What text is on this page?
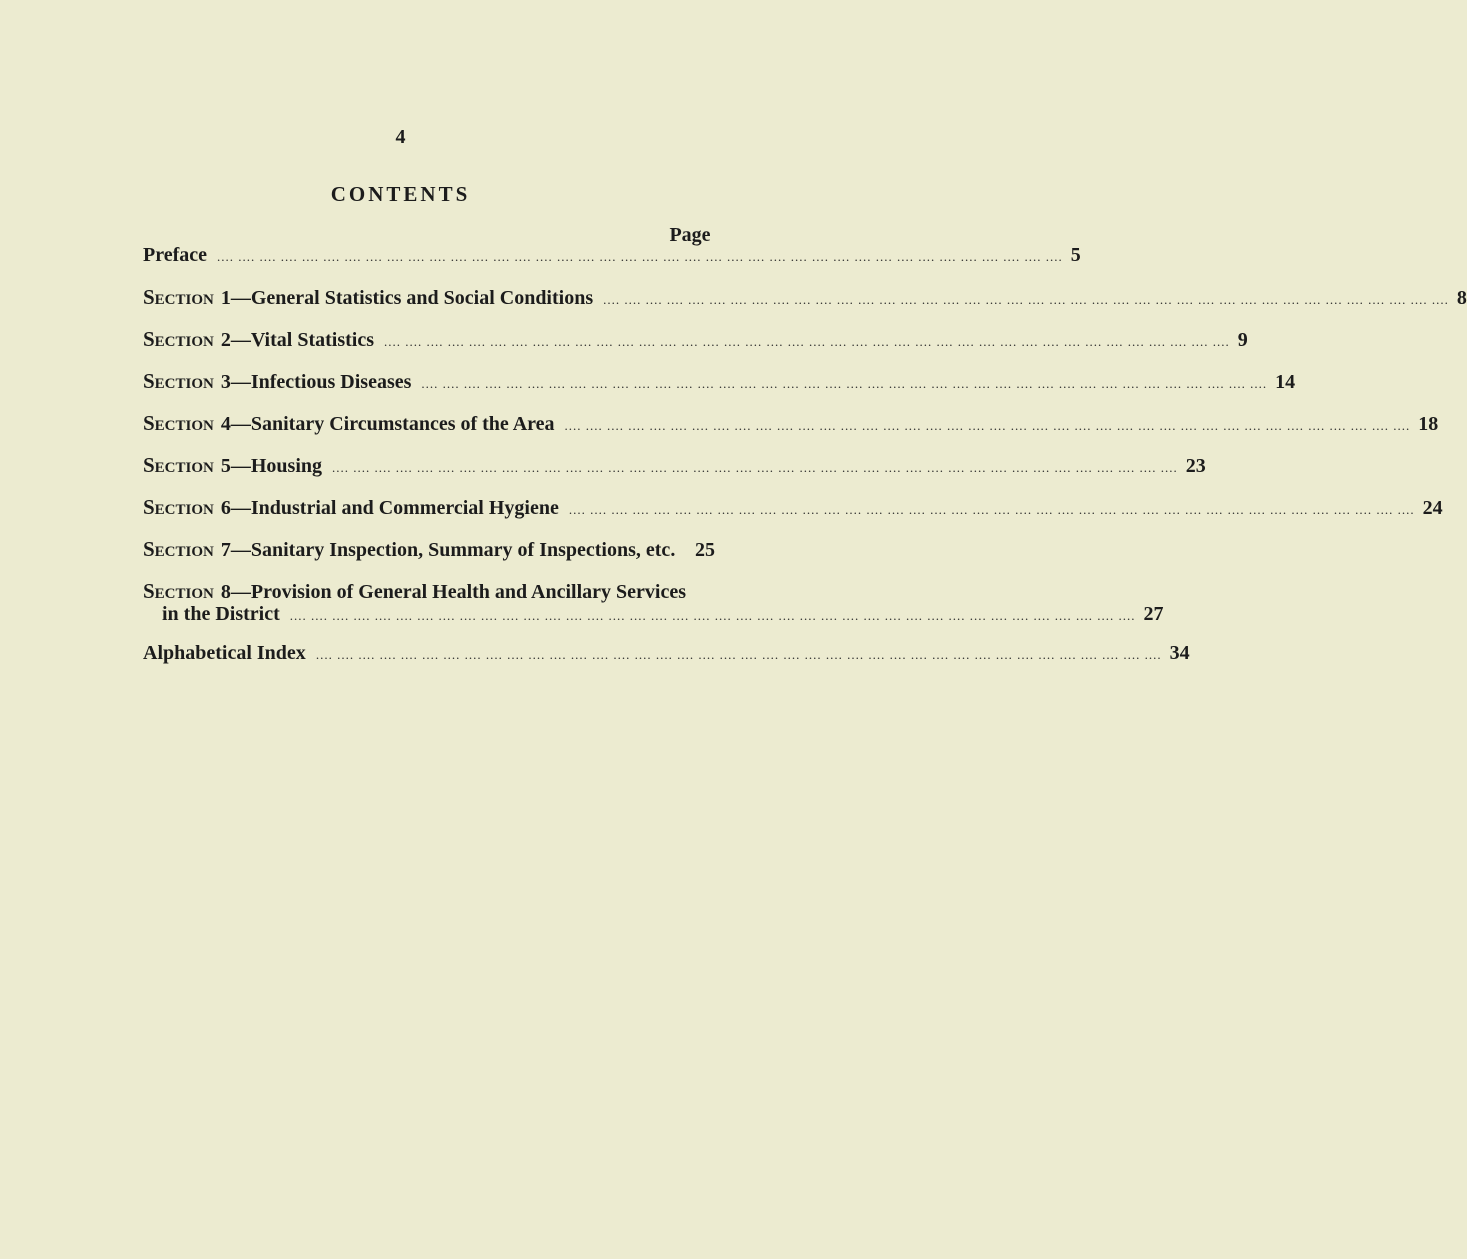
4
CONTENTS
Page
Preface .... .... .... .... .... .... .... .... .... .... .... .... .... .... .... .... .... .... .... .... .... .... .... .... .... .... .... .... .... .... .... .... .... .... .... .... .... .... .... .... 5
Section 1—General Statistics and Social Conditions .... .... .... .... .... .... .... .... .... .... .... .... .... .... .... .... .... .... .... .... .... .... .... .... .... .... .... .... .... .... .... .... .... .... .... .... .... .... .... .... 8
Section 2—Vital Statistics .... .... .... .... .... .... .... .... .... .... .... .... .... .... .... .... .... .... .... .... .... .... .... .... .... .... .... .... .... .... .... .... .... .... .... .... .... .... .... .... 9
Section 3—Infectious Diseases .... .... .... .... .... .... .... .... .... .... .... .... .... .... .... .... .... .... .... .... .... .... .... .... .... .... .... .... .... .... .... .... .... .... .... .... .... .... .... .... 14
Section 4—Sanitary Circumstances of the Area .... .... .... .... .... .... .... .... .... .... .... .... .... .... .... .... .... .... .... .... .... .... .... .... .... .... .... .... .... .... .... .... .... .... .... .... .... .... .... .... 18
Section 5—Housing .... .... .... .... .... .... .... .... .... .... .... .... .... .... .... .... .... .... .... .... .... .... .... .... .... .... .... .... .... .... .... .... .... .... .... .... .... .... .... .... 23
Section 6—Industrial and Commercial Hygiene .... .... .... .... .... .... .... .... .... .... .... .... .... .... .... .... .... .... .... .... .... .... .... .... .... .... .... .... .... .... .... .... .... .... .... .... .... .... .... .... 24
Section 7—Sanitary Inspection, Summary of Inspections, etc. 25
Section 8—Provision of General Health and Ancillary Services
in the District .... .... .... .... .... .... .... .... .... .... .... .... .... .... .... .... .... .... .... .... .... .... .... .... .... .... .... .... .... .... .... .... .... .... .... .... .... .... .... .... 27
Alphabetical Index .... .... .... .... .... .... .... .... .... .... .... .... .... .... .... .... .... .... .... .... .... .... .... .... .... .... .... .... .... .... .... .... .... .... .... .... .... .... .... .... 34
